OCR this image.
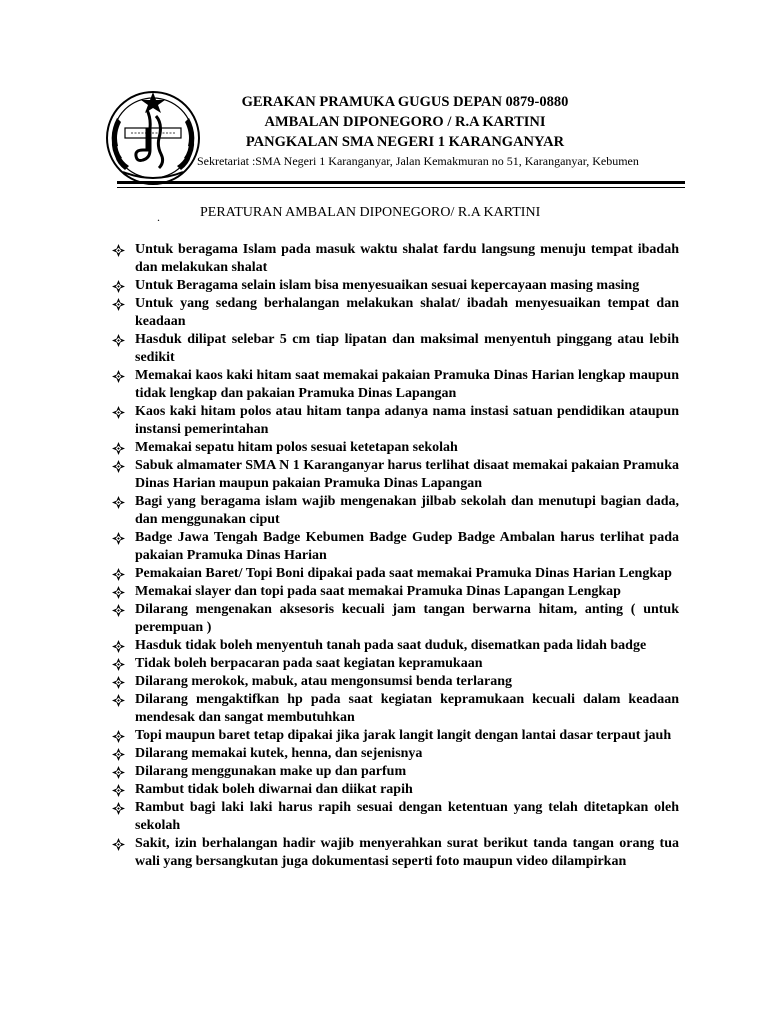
GERAKAN PRAMUKA GUGUS DEPAN 0879-0880
AMBALAN DIPONEGORO / R.A KARTINI
PANGKALAN SMA NEGERI 1 KARANGANYAR
Sekretariat :SMA Negeri 1 Karanganyar, Jalan Kemakmuran no 51, Karanganyar, Kebumen
.	PERATURAN AMBALAN DIPONEGORO/ R.A KARTINI
Untuk beragama Islam pada masuk waktu shalat fardu langsung menuju tempat ibadah dan melakukan shalat
Untuk Beragama selain islam bisa menyesuaikan sesuai kepercayaan masing masing
Untuk yang sedang berhalangan melakukan shalat/ ibadah menyesuaikan tempat dan keadaan
Hasduk dilipat selebar 5 cm tiap lipatan dan maksimal menyentuh pinggang atau lebih sedikit
Memakai kaos kaki hitam saat memakai pakaian Pramuka Dinas Harian lengkap maupun tidak lengkap dan pakaian Pramuka Dinas Lapangan
Kaos kaki hitam polos atau hitam tanpa adanya nama instasi satuan pendidikan ataupun instansi pemerintahan
Memakai sepatu hitam polos sesuai ketetapan sekolah
Sabuk almamater SMA N 1 Karanganyar harus terlihat disaat memakai pakaian Pramuka Dinas Harian maupun pakaian Pramuka Dinas Lapangan
Bagi yang beragama islam wajib mengenakan jilbab sekolah dan menutupi bagian dada, dan menggunakan ciput
Badge Jawa Tengah Badge Kebumen Badge Gudep Badge Ambalan harus terlihat pada pakaian Pramuka Dinas Harian
Pemakaian Baret/ Topi Boni dipakai pada saat memakai Pramuka Dinas Harian Lengkap
Memakai slayer dan topi pada saat memakai Pramuka Dinas Lapangan Lengkap
Dilarang mengenakan aksesoris kecuali jam tangan berwarna hitam, anting ( untuk perempuan )
Hasduk tidak boleh menyentuh tanah pada saat duduk, disematkan pada lidah badge
Tidak boleh berpacaran pada saat kegiatan kepramukaan
Dilarang merokok, mabuk, atau mengonsumsi benda terlarang
Dilarang mengaktifkan hp pada saat kegiatan kepramukaan kecuali dalam keadaan mendesak dan sangat membutuhkan
Topi maupun baret tetap dipakai jika jarak langit langit dengan lantai dasar terpaut jauh
Dilarang memakai kutek, henna, dan sejenisnya
Dilarang menggunakan make up dan parfum
Rambut tidak boleh diwarnai dan diikat rapih
Rambut bagi laki laki harus rapih sesuai dengan ketentuan yang telah ditetapkan oleh sekolah
Sakit, izin berhalangan hadir wajib menyerahkan surat berikut tanda tangan orang tua wali yang bersangkutan juga dokumentasi seperti foto maupun video dilampirkan
